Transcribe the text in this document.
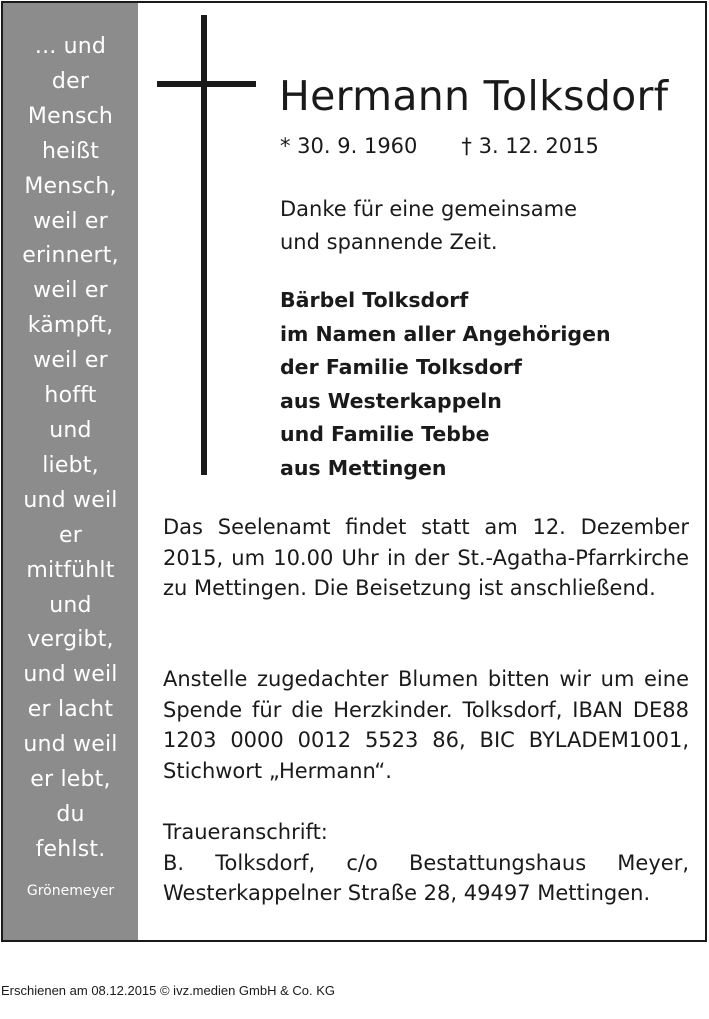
... und
der
Mensch
heißt
Mensch,
weil er
erinnert,
weil er
kämpft,
weil er
hofft
und
liebt,
und weil
er
mitfühlt
und
vergibt,
und weil
er lacht
und weil
er lebt,
du
fehlst.
Grönemeyer
Hermann Tolksdorf
* 30. 9. 1960 † 3. 12. 2015
Danke für eine gemeinsame
und spannende Zeit.
Bärbel Tolksdorf
im Namen aller Angehörigen
der Familie Tolksdorf
aus Westerkappeln
und Familie Tebbe
aus Mettingen
Das Seelenamt findet statt am 12. Dezember 2015, um 10.00 Uhr in der St.-Agatha-Pfarrkirche zu Mettingen. Die Beisetzung ist anschließend.
Anstelle zugedachter Blumen bitten wir um eine Spende für die Herzkinder. Tolksdorf, IBAN DE88 1203 0000 0012 5523 86, BIC BYLADEM1001, Stichwort „Hermann“.
Traueranschrift:
B. Tolksdorf, c/o Bestattungshaus Meyer, Westerkappelner Straße 28, 49497 Mettingen.
Erschienen am 08.12.2015 © ivz.medien GmbH & Co. KG
